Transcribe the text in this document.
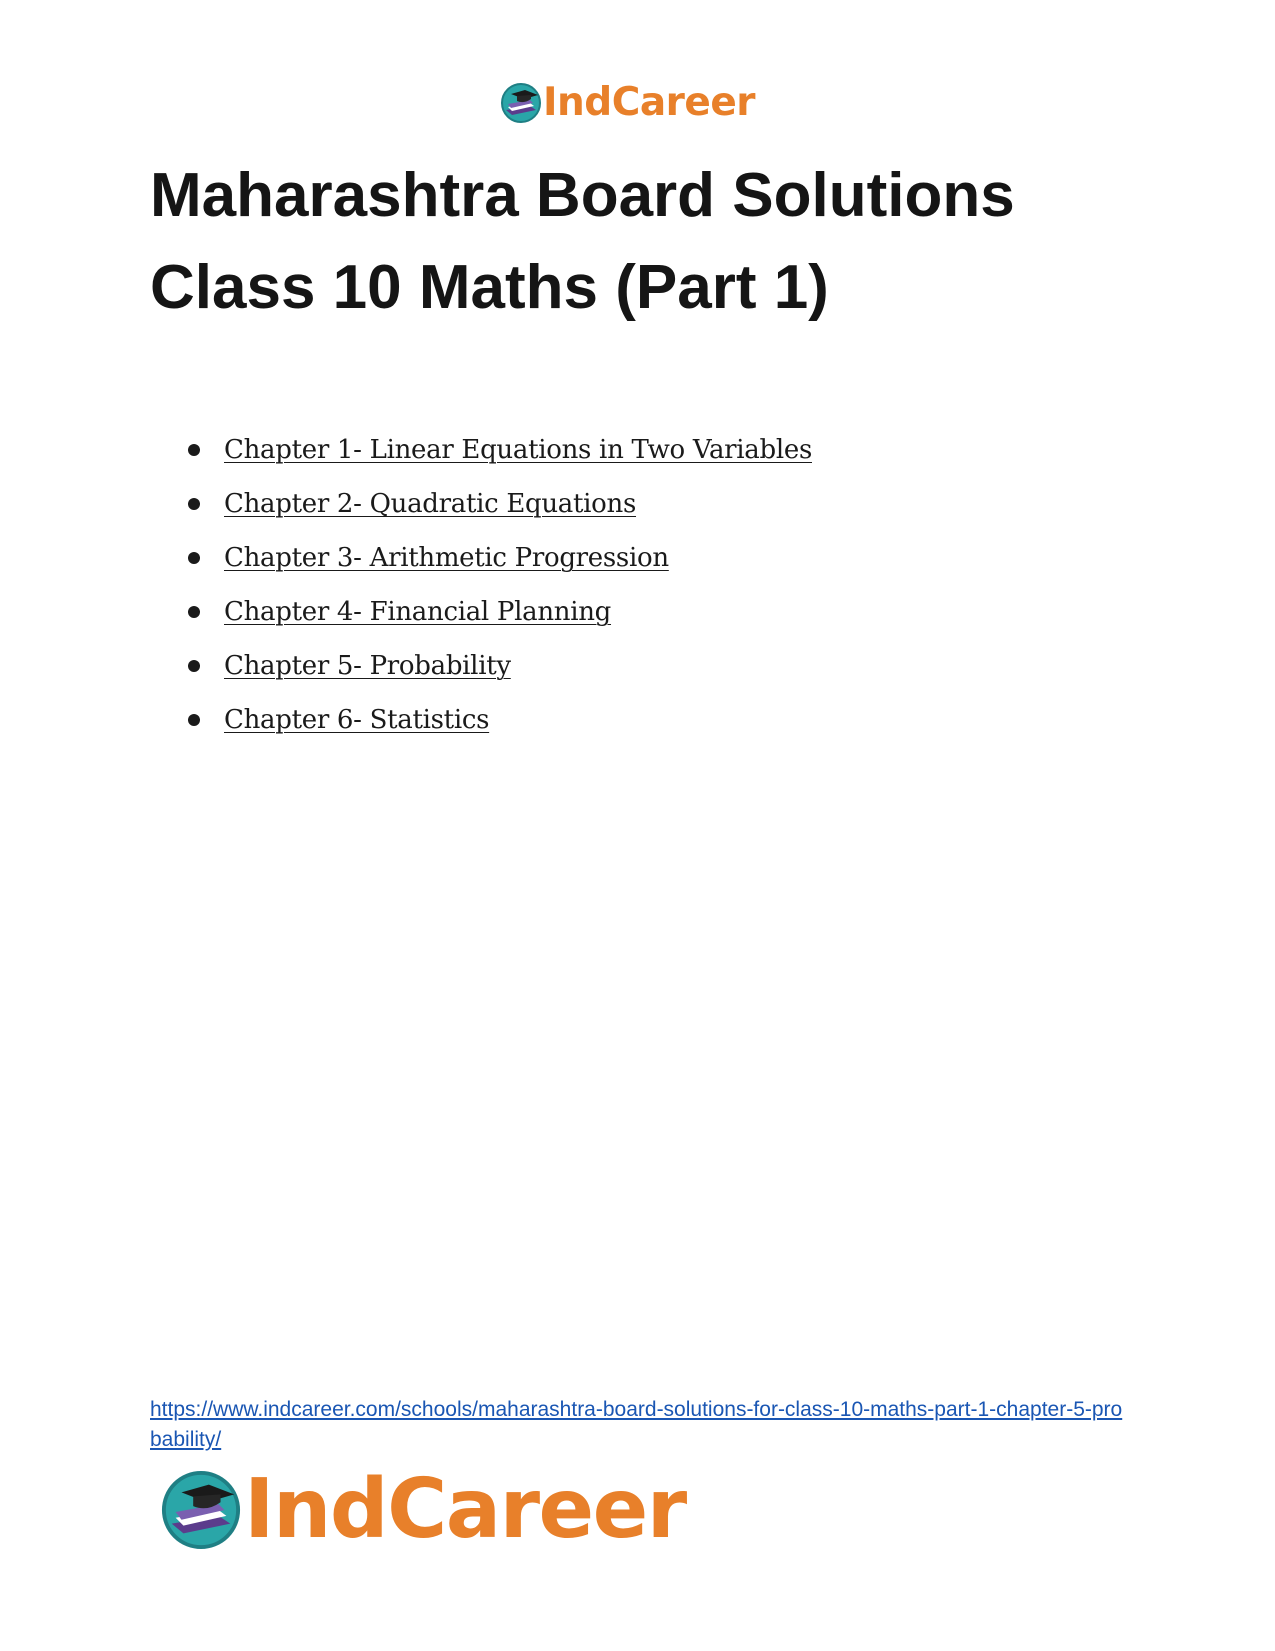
IndCareer
Maharashtra Board Solutions
Class 10 Maths (Part 1)
Chapter 1- Linear Equations in Two Variables
Chapter 2- Quadratic Equations
Chapter 3- Arithmetic Progression
Chapter 4- Financial Planning
Chapter 5- Probability
Chapter 6- Statistics
https://www.indcareer.com/schools/maharashtra-board-solutions-for-class-10-maths-part-1-chapter-5-probability/
IndCareer
